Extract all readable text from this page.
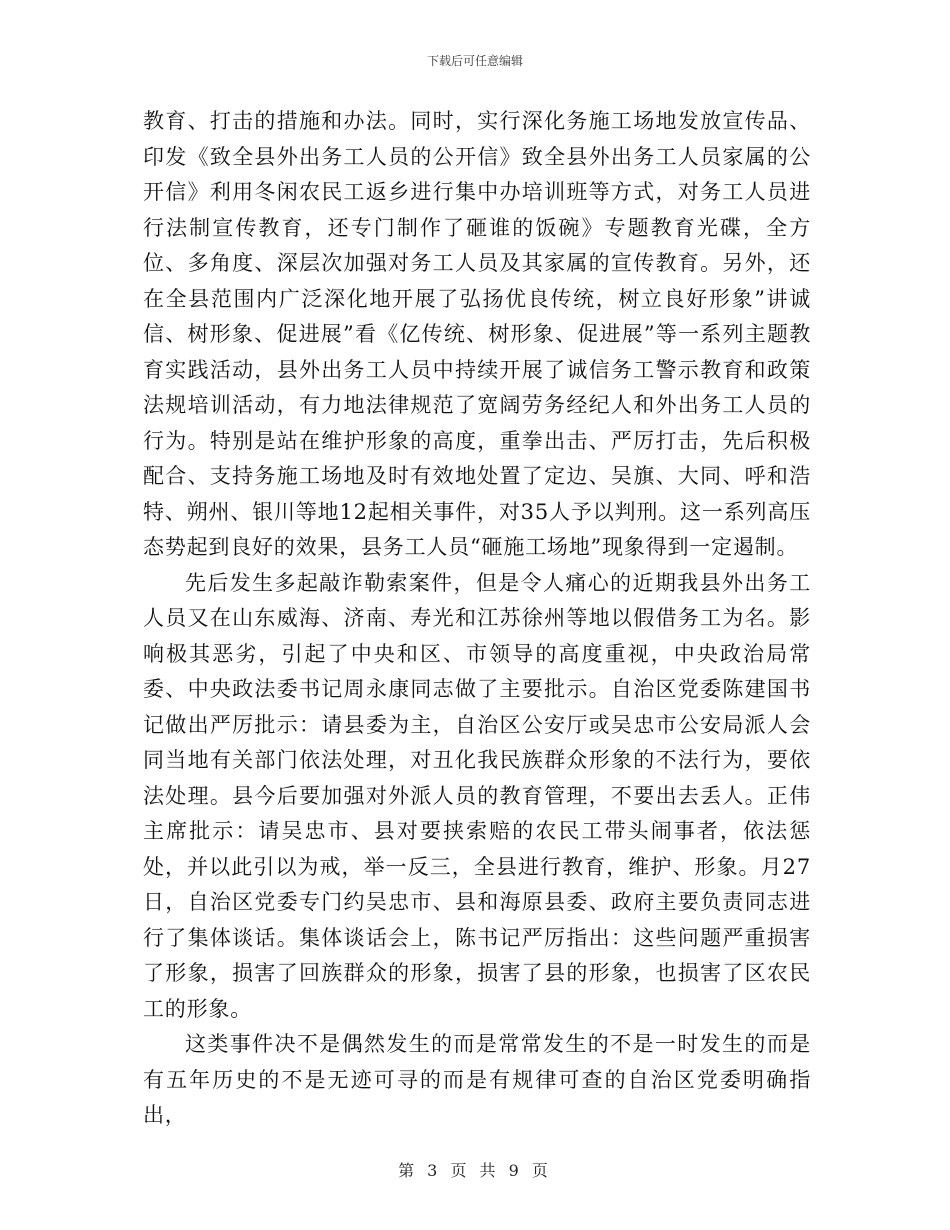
下载后可任意编辑

教育、打击的措施和办法。同时，实行深化务施工场地发放宣传品、印发《致全县外出务工人员的公开信》致全县外出务工人员家属的公开信》利用冬闲农民工返乡进行集中办培训班等方式，对务工人员进行法制宣传教育，还专门制作了砸谁的饭碗》专题教育光碟，全方位、多角度、深层次加强对务工人员及其家属的宣传教育。另外，还在全县范围内广泛深化地开展了弘扬优良传统，树立良好形象”讲诚信、树形象、促进展”看《亿传统、树形象、促进展”等一系列主题教育实践活动，县外出务工人员中持续开展了诚信务工警示教育和政策法规培训活动，有力地法律规范了宽阔劳务经纪人和外出务工人员的行为。特别是站在维护形象的高度，重拳出击、严厉打击，先后积极配合、支持务施工场地及时有效地处置了定边、吴旗、大同、呼和浩特、朔州、银川等地12起相关事件，对35人予以判刑。这一系列高压态势起到良好的效果，县务工人员“砸施工场地”现象得到一定遏制。

先后发生多起敲诈勒索案件，但是令人痛心的近期我县外出务工人员又在山东威海、济南、寿光和江苏徐州等地以假借务工为名。影响极其恶劣，引起了中央和区、市领导的高度重视，中央政治局常委、中央政法委书记周永康同志做了主要批示。自治区党委陈建国书记做出严厉批示：请县委为主，自治区公安厅或吴忠市公安局派人会同当地有关部门依法处理，对丑化我民族群众形象的不法行为，要依法处理。县今后要加强对外派人员的教育管理，不要出去丢人。正伟主席批示：请吴忠市、县对要挟索赔的农民工带头闹事者，依法惩处，并以此引以为戒，举一反三，全县进行教育，维护、形象。月27日，自治区党委专门约吴忠市、县和海原县委、政府主要负责同志进行了集体谈话。集体谈话会上，陈书记严厉指出：这些问题严重损害了形象，损害了回族群众的形象，损害了县的形象，也损害了区农民工的形象。

这类事件决不是偶然发生的而是常常发生的不是一时发生的而是有五年历史的不是无迹可寻的而是有规律可查的自治区党委明确指出，

第 3 页 共 9 页
